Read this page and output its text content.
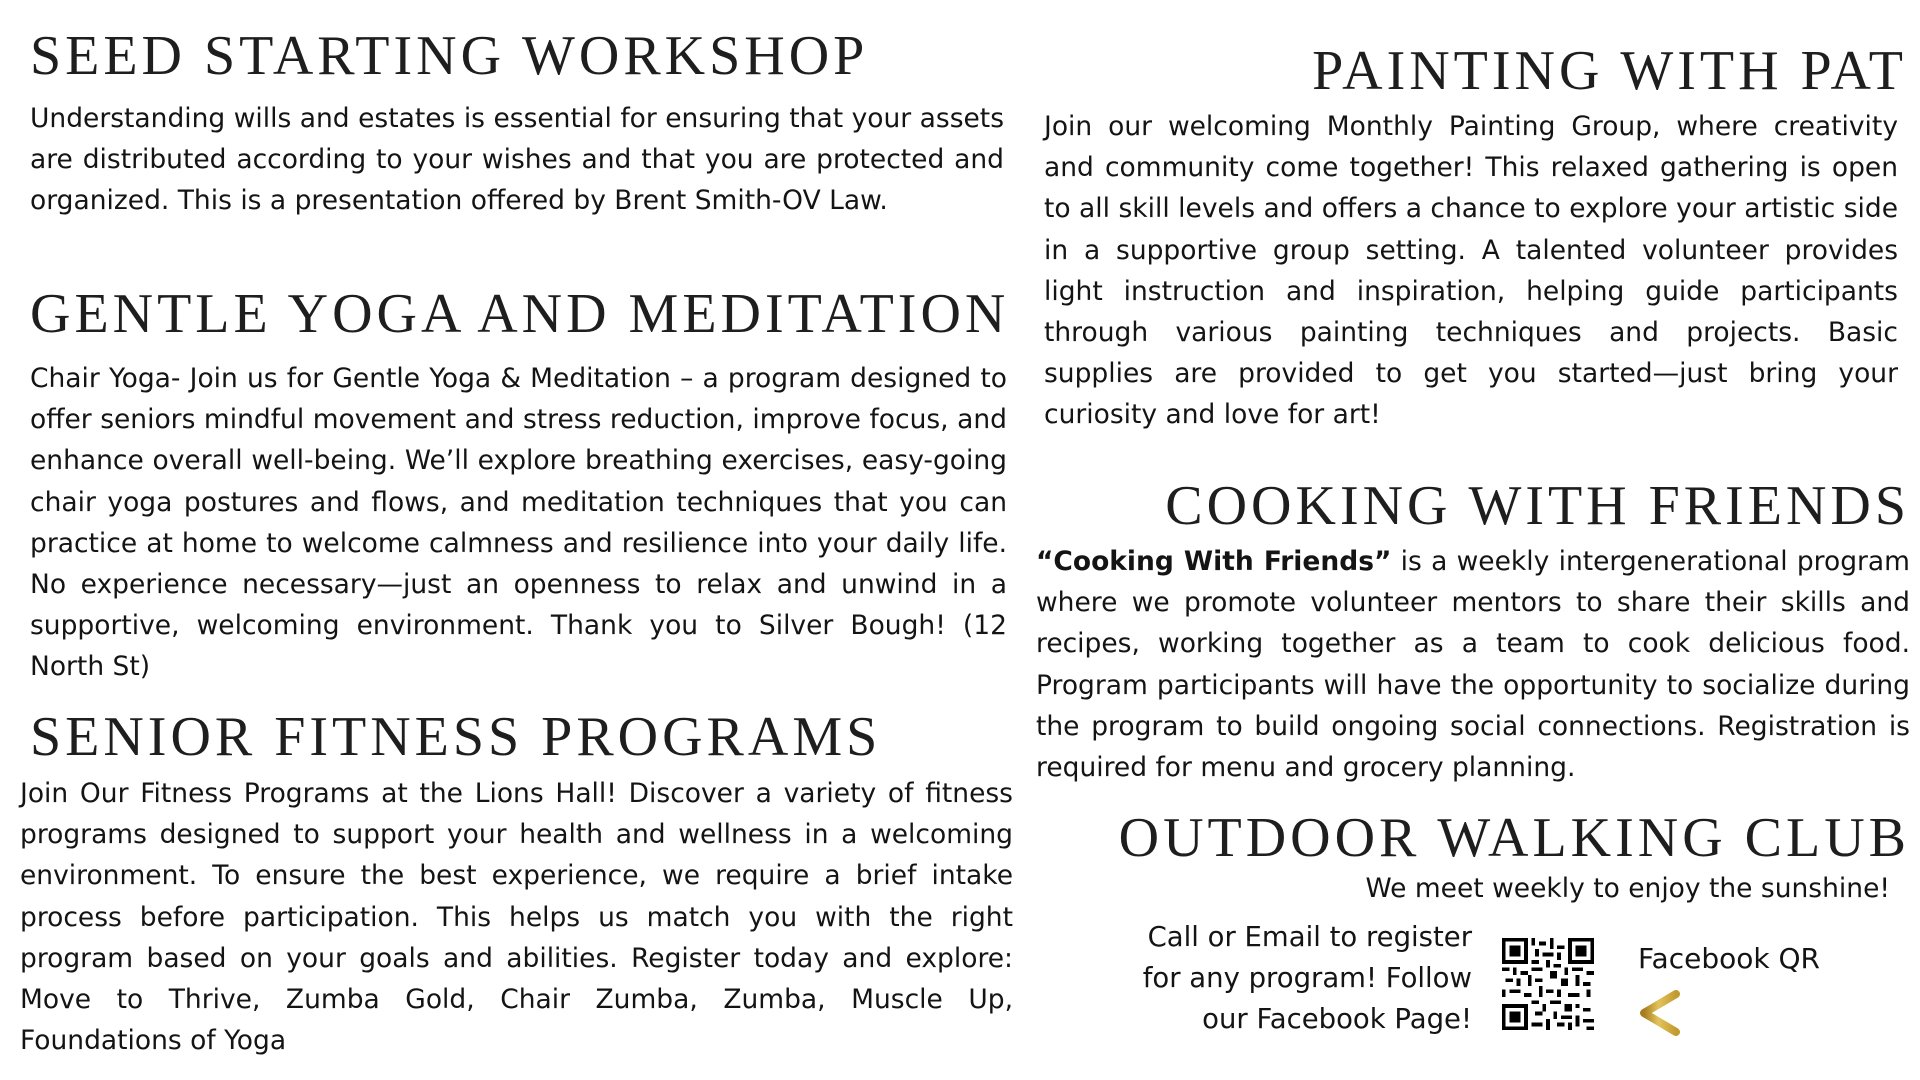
SEED STARTING WORKSHOP

Understanding wills and estates is essential for ensuring that your assets are distributed according to your wishes and that you are protected and organized. This is a presentation offered by Brent Smith-OV Law.

GENTLE YOGA AND MEDITATION

Chair Yoga- Join us for Gentle Yoga & Meditation – a program designed to offer seniors mindful movement and stress reduction, improve focus, and enhance overall well-being. We’ll explore breathing exercises, easy-going chair yoga postures and flows, and meditation techniques that you can practice at home to welcome calmness and resilience into your daily life. No experience necessary—just an openness to relax and unwind in a supportive, welcoming environment. Thank you to Silver Bough! (12 North St)

SENIOR FITNESS PROGRAMS

Join Our Fitness Programs at the Lions Hall! Discover a variety of fitness programs designed to support your health and wellness in a welcoming environment. To ensure the best experience, we require a brief intake process before participation. This helps us match you with the right program based on your goals and abilities. Register today and explore: Move to Thrive, Zumba Gold, Chair Zumba, Zumba, Muscle Up, Foundations of Yoga

PAINTING WITH PAT

Join our welcoming Monthly Painting Group, where creativity and community come together! This relaxed gathering is open to all skill levels and offers a chance to explore your artistic side in a supportive group setting. A talented volunteer provides light instruction and inspiration, helping guide participants through various painting techniques and projects. Basic supplies are provided to get you started—just bring your curiosity and love for art!

COOKING WITH FRIENDS

“Cooking With Friends” is a weekly intergenerational program where we promote volunteer mentors to share their skills and recipes, working together as a team to cook delicious food. Program participants will have the opportunity to socialize during the program to build ongoing social connections. Registration is required for menu and grocery planning.

OUTDOOR WALKING CLUB

We meet weekly to enjoy the sunshine!

Call or Email to register
for any program! Follow
our Facebook Page!
Facebook QR
